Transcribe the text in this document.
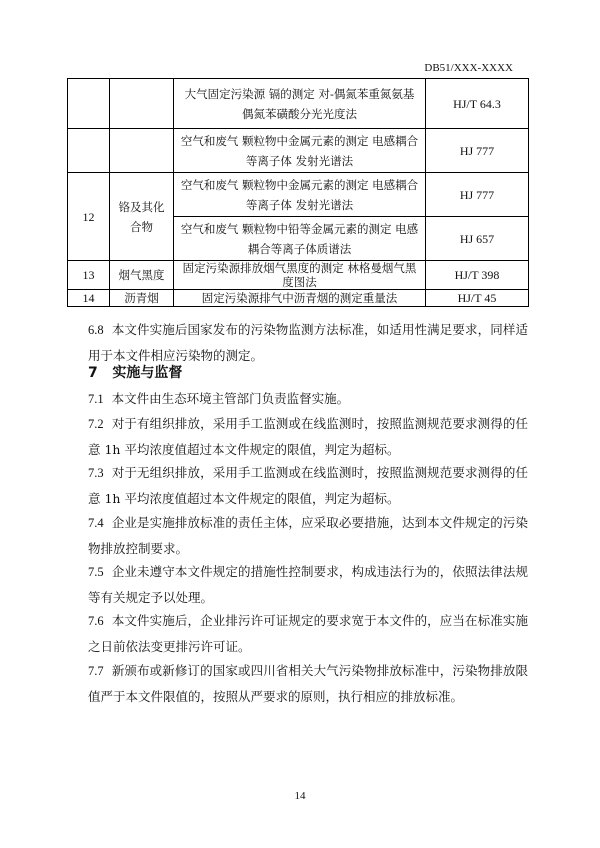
DB51/XXX-XXXX
		大气固定污染源 镉的测定 对-偶氮苯重氮氨基偶氮苯磺酸分光光度法	HJ/T 64.3
		空气和废气 颗粒物中金属元素的测定 电感耦合等离子体 发射光谱法	HJ 777
12	铬及其化合物	空气和废气 颗粒物中金属元素的测定 电感耦合等离子体 发射光谱法	HJ 777
		空气和废气 颗粒物中铅等金属元素的测定 电感耦合等离子体质谱法	HJ 657
13	烟气黑度	固定污染源排放烟气黑度的测定 林格曼烟气黑度图法	HJ/T 398
14	沥青烟	固定污染源排气中沥青烟的测定重量法	HJ/T 45
6.8 本文件实施后国家发布的污染物监测方法标准，如适用性满足要求，同样适用于本文件相应污染物的测定。
7 实施与监督
7.1 本文件由生态环境主管部门负责监督实施。
7.2 对于有组织排放，采用手工监测或在线监测时，按照监测规范要求测得的任意 1h 平均浓度值超过本文件规定的限值，判定为超标。
7.3 对于无组织排放，采用手工监测或在线监测时，按照监测规范要求测得的任意 1h 平均浓度值超过本文件规定的限值，判定为超标。
7.4 企业是实施排放标准的责任主体，应采取必要措施，达到本文件规定的污染物排放控制要求。
7.5 企业未遵守本文件规定的措施性控制要求，构成违法行为的，依照法律法规等有关规定予以处理。
7.6 本文件实施后，企业排污许可证规定的要求宽于本文件的，应当在标准实施之日前依法变更排污许可证。
7.7 新颁布或新修订的国家或四川省相关大气污染物排放标准中，污染物排放限值严于本文件限值的，按照从严要求的原则，执行相应的排放标准。
14
